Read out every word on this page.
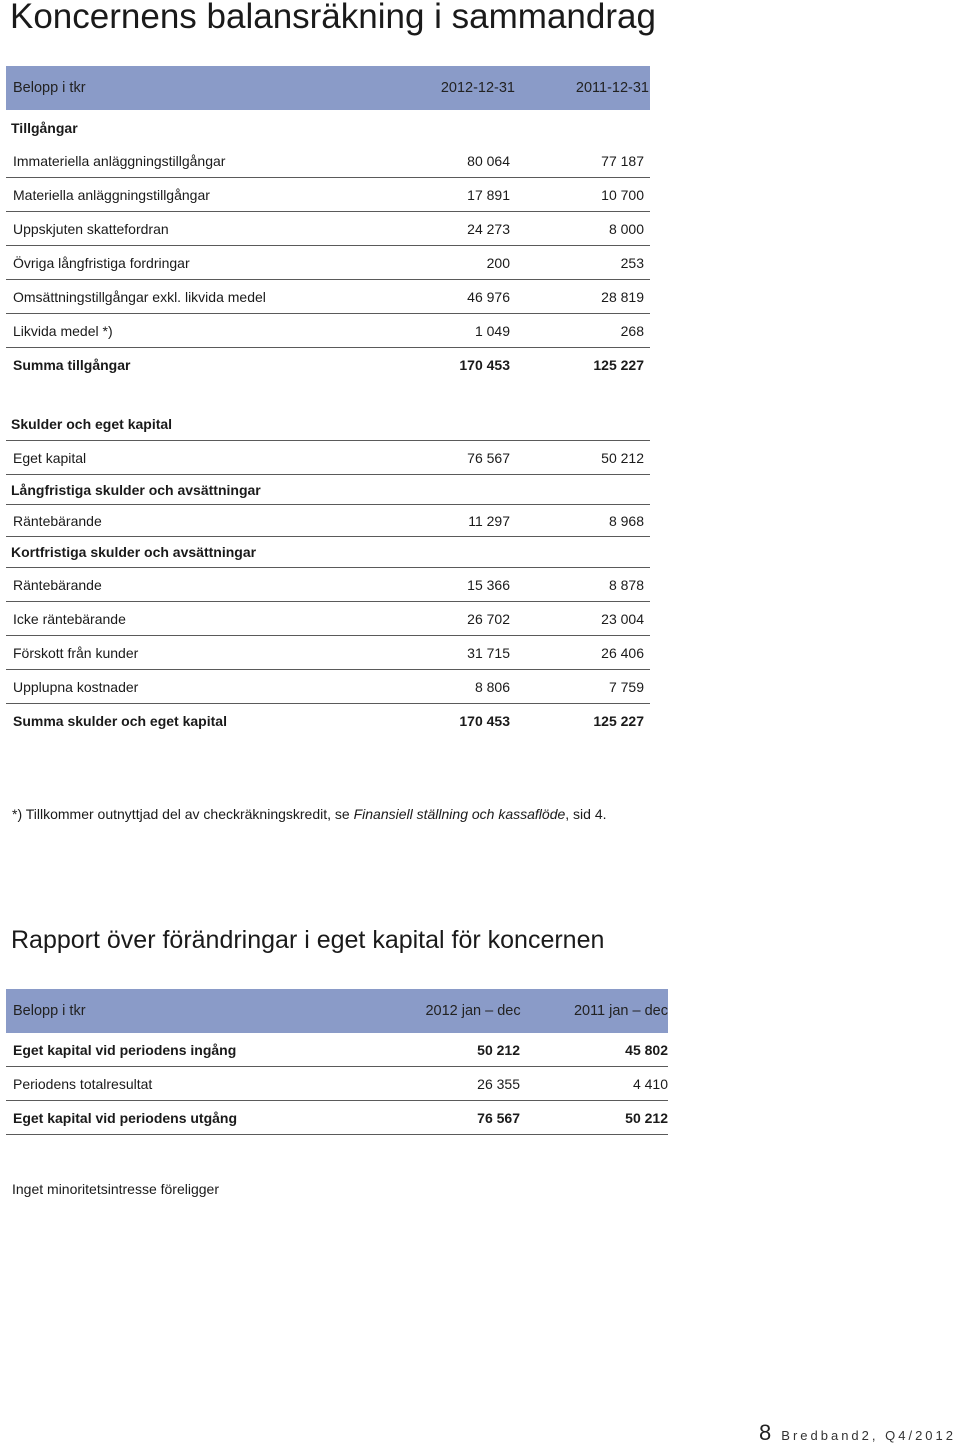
Koncernens balansräkning i sammandrag
Belopp i tkr	2012-12-31	2011-12-31
Tillgångar
Immateriella anläggningstillgångar	80 064	77 187
Materiella anläggningstillgångar	17 891	10 700
Uppskjuten skattefordran	24 273	8 000
Övriga långfristiga fordringar	200	253
Omsättningstillgångar exkl. likvida medel	46 976	28 819
Likvida medel *)	1 049	268
Summa tillgångar	170 453	125 227
Skulder och eget kapital
Eget kapital	76 567	50 212
Långfristiga skulder och avsättningar
Räntebärande	11 297	8 968
Kortfristiga skulder och avsättningar
Räntebärande	15 366	8 878
Icke räntebärande	26 702	23 004
Förskott från kunder	31 715	26 406
Upplupna kostnader	8 806	7 759
Summa skulder och eget kapital	170 453	125 227
*) Tillkommer outnyttjad del av checkräkningskredit, se Finansiell ställning och kassaflöde, sid 4.
Rapport över förändringar i eget kapital för koncernen
Belopp i tkr	2012 jan – dec	2011 jan – dec
Eget kapital vid periodens ingång	50 212	45 802
Periodens totalresultat	26 355	4 410
Eget kapital vid periodens utgång	76 567	50 212
Inget minoritetsintresse föreligger
8 Bredband2, Q4/2012
